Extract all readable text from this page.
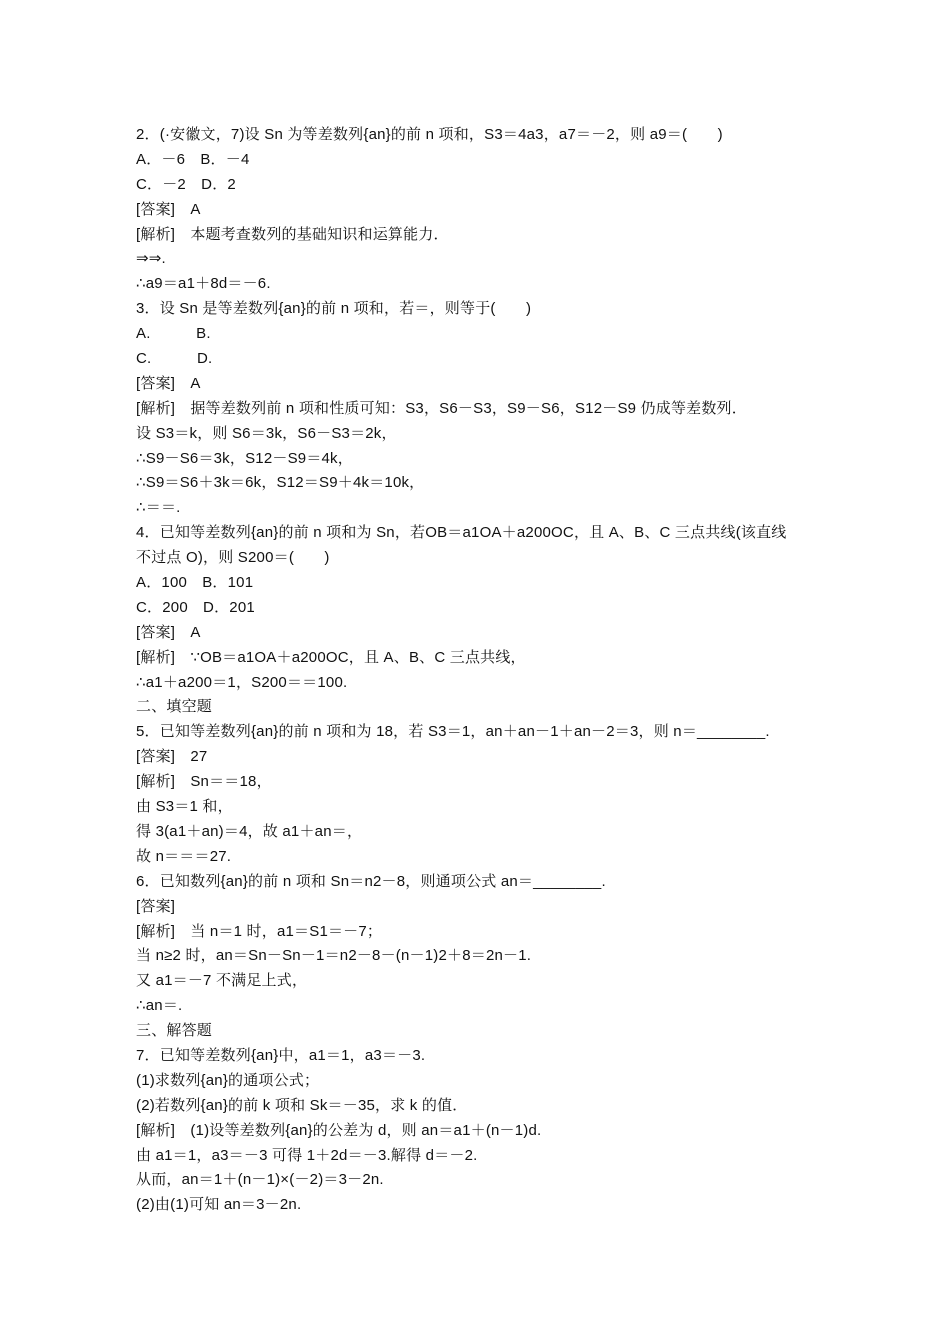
2．(·安徽文，7)设 Sn 为等差数列{an}的前 n 项和，S3＝4a3，a7＝－2，则 a9＝(　　)
A．－6　B．－4
C．－2　D．2
[答案]　A
[解析]　本题考查数列的基础知识和运算能力．
⇒⇒.
∴a9＝a1＋8d＝－6.
3．设 Sn 是等差数列{an}的前 n 项和，若＝，则等于(　　)
A.　　　B.
C.　　　D.
[答案]　A
[解析]　据等差数列前 n 项和性质可知：S3，S6－S3，S9－S6，S12－S9 仍成等差数列．
设 S3＝k，则 S6＝3k，S6－S3＝2k，
∴S9－S6＝3k，S12－S9＝4k，
∴S9＝S6＋3k＝6k，S12＝S9＋4k＝10k，
∴＝＝.
4．已知等差数列{an}的前 n 项和为 Sn，若OB＝a1OA＋a200OC，且 A、B、C 三点共线(该直线
不过点 O)，则 S200＝(　　)
A．100　B．101
C．200　D．201
[答案]　A
[解析]　∵OB＝a1OA＋a200OC，且 A、B、C 三点共线，
∴a1＋a200＝1，S200＝＝100.
二、填空题
5．已知等差数列{an}的前 n 项和为 18，若 S3＝1，an＋an－1＋an－2＝3，则 n＝________.
[答案]　27
[解析]　Sn＝＝18，
由 S3＝1 和，
得 3(a1＋an)＝4，故 a1＋an＝，
故 n＝＝＝27.
6．已知数列{an}的前 n 项和 Sn＝n2－8，则通项公式 an＝________.
[答案]
[解析]　当 n＝1 时，a1＝S1＝－7；
当 n≥2 时，an＝Sn－Sn－1＝n2－8－(n－1)2＋8＝2n－1.
又 a1＝－7 不满足上式，
∴an＝.
三、解答题
7．已知等差数列{an}中，a1＝1，a3＝－3.
(1)求数列{an}的通项公式；
(2)若数列{an}的前 k 项和 Sk＝－35，求 k 的值．
[解析]　(1)设等差数列{an}的公差为 d，则 an＝a1＋(n－1)d.
由 a1＝1，a3＝－3 可得 1＋2d＝－3.解得 d＝－2.
从而，an＝1＋(n－1)×(－2)＝3－2n.
(2)由(1)可知 an＝3－2n.
